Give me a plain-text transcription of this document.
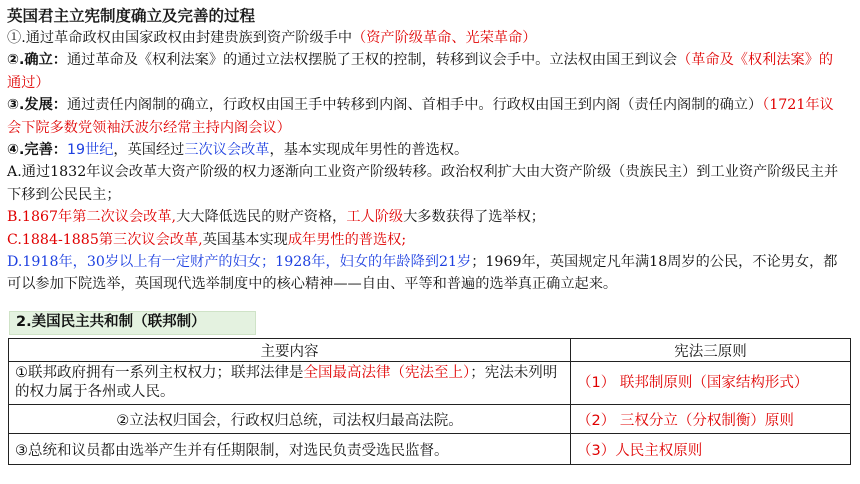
英国君主立宪制度确立及完善的过程

①.通过革命政权由国家政权由封建贵族到资产阶级手中（资产阶级革命、光荣革命）

②.确立：通过革命及《权利法案》的通过立法权摆脱了王权的控制，转移到议会手中。立法权由国王到议会（革命及《权利法案》的通过）

③.发展：通过责任内阁制的确立，行政权由国王手中转移到内阁、首相手中。行政权由国王到内阁（责任内阁制的确立）（1721年议会下院多数党领袖沃波尔经常主持内阁会议）

④.完善：19世纪，英国经过三次议会改革，基本实现成年男性的普选权。

A.通过1832年议会改革大资产阶级的权力逐渐向工业资产阶级转移。政治权利扩大由大资产阶级（贵族民主）到工业资产阶级民主并下移到公民民主；

B.1867年第二次议会改革,大大降低选民的财产资格，工人阶级大多数获得了选举权；

C.1884-1885第三次议会改革,英国基本实现成年男性的普选权;

D.1918年，30岁以上有一定财产的妇女；1928年，妇女的年龄降到21岁；1969年，英国规定凡年满18周岁的公民，不论男女，都可以参加下院选举，英国现代选举制度中的核心精神——自由、平等和普遍的选举真正确立起来。

2.美国民主共和制（联邦制）
主要内容	宪法三原则
①联邦政府拥有一系列主权权力；联邦法律是全国最高法律（宪法至上）；宪法未列明的权力属于各州或人民。	（1） 联邦制原则（国家结构形式）
②立法权归国会，行政权归总统，司法权归最高法院。	（2） 三权分立（分权制衡）原则
③总统和议员都由选举产生并有任期限制，对选民负责受选民监督。	（3）人民主权原则
